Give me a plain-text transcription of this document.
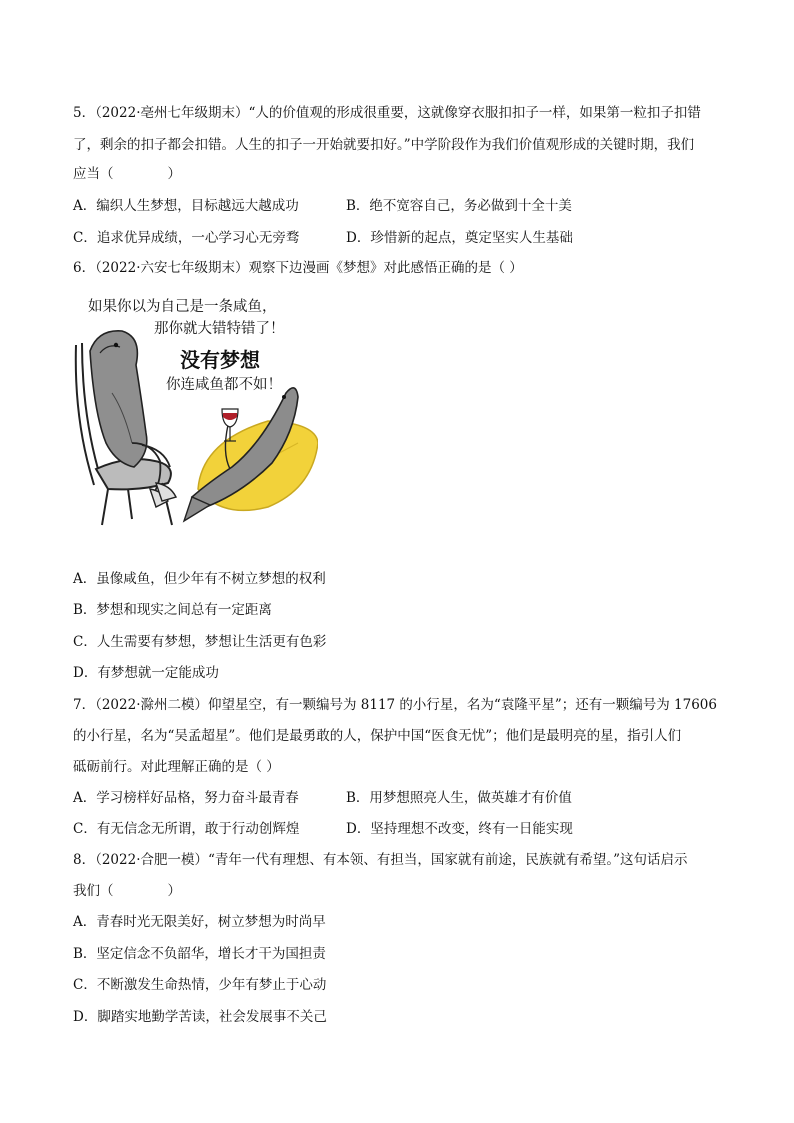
5．（2022·亳州七年级期末）“人的价值观的形成很重要，这就像穿衣服扣扣子一样，如果第一粒扣子扣错
了，剩余的扣子都会扣错。人生的扣子一开始就要扣好。”中学阶段作为我们价值观形成的关键时期，我们
应当（　　　　）
A．编织人生梦想，目标越远大越成功	B．绝不宽容自己，务必做到十全十美
C．追求优异成绩，一心学习心无旁骛	D．珍惜新的起点，奠定坚实人生基础
6．（2022·六安七年级期末）观察下边漫画《梦想》对此感悟正确的是（ ）
如果你以为自己是一条咸鱼，
那你就大错特错了！
没有梦想
你连咸鱼都不如！
A．虽像咸鱼，但少年有不树立梦想的权利
B．梦想和现实之间总有一定距离
C．人生需要有梦想，梦想让生活更有色彩
D．有梦想就一定能成功
7．（2022·滁州二模）仰望星空，有一颗编号为 8117 的小行星，名为“袁隆平星”；还有一颗编号为 17606
的小行星，名为“吴孟超星”。他们是最勇敢的人，保护中国“医食无忧”；他们是最明亮的星，指引人们
砥砺前行。对此理解正确的是（ ）
A．学习榜样好品格，努力奋斗最青春	B．用梦想照亮人生，做英雄才有价值
C．有无信念无所谓，敢于行动创辉煌	D．坚持理想不改变，终有一日能实现
8．（2022·合肥一模）“青年一代有理想、有本领、有担当，国家就有前途，民族就有希望。”这句话启示
我们（　　　　）
A．青春时光无限美好，树立梦想为时尚早
B．坚定信念不负韶华，增长才干为国担责
C．不断激发生命热情，少年有梦止于心动
D．脚踏实地勤学苦读，社会发展事不关己
